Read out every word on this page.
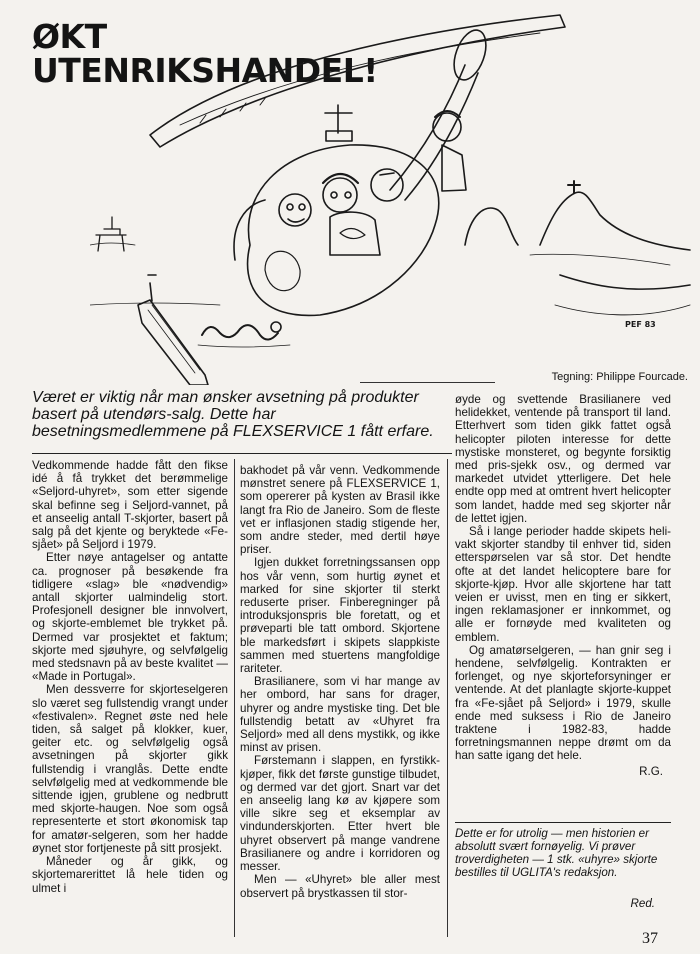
ØKT
UTENRIKSHANDEL!
PEF 83
Tegning: Philippe Fourcade.

Været er viktig når man ønsker avsetning på produkter basert på utendørs-salg. Dette har besetningsmedlemmene på FLEXSERVICE 1 fått erfare.

Vedkommende hadde fått den fikse idé å få trykket det berømmelige «Seljord-uhyret», som etter sigende skal befinne seg i Seljord-vannet, på et anseelig antall T-skjorter, basert på salg på det kjente og beryktede «Fe-sjået» på Seljord i 1979.

Etter nøye antagelser og antatte ca. prognoser på besøkende fra tidligere «slag» ble «nødvendig» antall skjorter ualmindelig stort. Profesjonell designer ble innvolvert, og skjorte-emblemet ble trykket på. Dermed var prosjektet et faktum; skjorte med sjøuhyre, og selvfølgelig med stedsnavn på av beste kvalitet — «Made in Portugal».

Men dessverre for skjorteselgeren slo været seg fullstendig vrangt under «festivalen». Regnet øste ned hele tiden, så salget på klokker, kuer, geiter etc. og selvfølgelig også avsetningen på skjorter gikk fullstendig i vranglås. Dette endte selvfølgelig med at vedkommende ble sittende igjen, grublene og nedbrutt med skjorte-haugen. Noe som også representerte et stort økonomisk tap for amatør-selgeren, som her hadde øynet stor fortjeneste på sitt prosjekt.

Måneder og år gikk, og skjortemarerittet lå hele tiden og ulmet i

bakhodet på vår venn. Vedkommende mønstret senere på FLEXSERVICE 1, som opererer på kysten av Brasil ikke langt fra Rio de Janeiro. Som de fleste vet er inflasjonen stadig stigende her, som andre steder, med dertil høye priser.

Igjen dukket forretningssansen opp hos vår venn, som hurtig øynet et marked for sine skjorter til sterkt reduserte priser. Finberegninger på introduksjonspris ble foretatt, og et prøveparti ble tatt ombord. Skjortene ble markedsført i skipets slappkiste sammen med stuertens mangfoldige rariteter.

Brasilianere, som vi har mange av her ombord, har sans for drager, uhyrer og andre mystiske ting. Det ble fullstendig betatt av «Uhyret fra Seljord» med all dens mystikk, og ikke minst av prisen.

Førstemann i slappen, en fyrstikk-kjøper, fikk det første gunstige tilbudet, og dermed var det gjort. Snart var det en anseelig lang kø av kjøpere som ville sikre seg et eksemplar av vindunderskjorten. Etter hvert ble uhyret observert på mange vandrene Brasilianere og andre i korridoren og messer.

Men — «Uhyret» ble aller mest observert på brystkassen til stor-

øyde og svettende Brasilianere ved helidekket, ventende på transport til land. Etterhvert som tiden gikk fattet også helicopter piloten interesse for dette mystiske monsteret, og begynte forsiktig med pris-sjekk osv., og dermed var markedet utvidet ytterligere. Det hele endte opp med at omtrent hvert helicopter som landet, hadde med seg skjorter når de lettet igjen.

Så i lange perioder hadde skipets heli-vakt skjorter standby til enhver tid, siden etterspørselen var så stor. Det hendte ofte at det landet helicoptere bare for skjorte-kjøp. Hvor alle skjortene har tatt veien er uvisst, men en ting er sikkert, ingen reklamasjoner er innkommet, og alle er fornøyde med kvaliteten og emblem.

Og amatørselgeren, — han gnir seg i hendene, selvfølgelig. Kontrakten er forlenget, og nye skjorteforsyninger er ventende. At det planlagte skjorte-kuppet fra «Fe-sjået på Seljord» i 1979, skulle ende med suksess i Rio de Janeiro traktene i 1982-83, hadde forretningsmannen neppe drømt om da han satte igang det hele.

R.G.

Dette er for utrolig — men historien er absolutt svært fornøyelig. Vi prøver troverdigheten — 1 stk. «uhyre» skjorte bestilles til UGLITA's redaksjon.

Red.
37
